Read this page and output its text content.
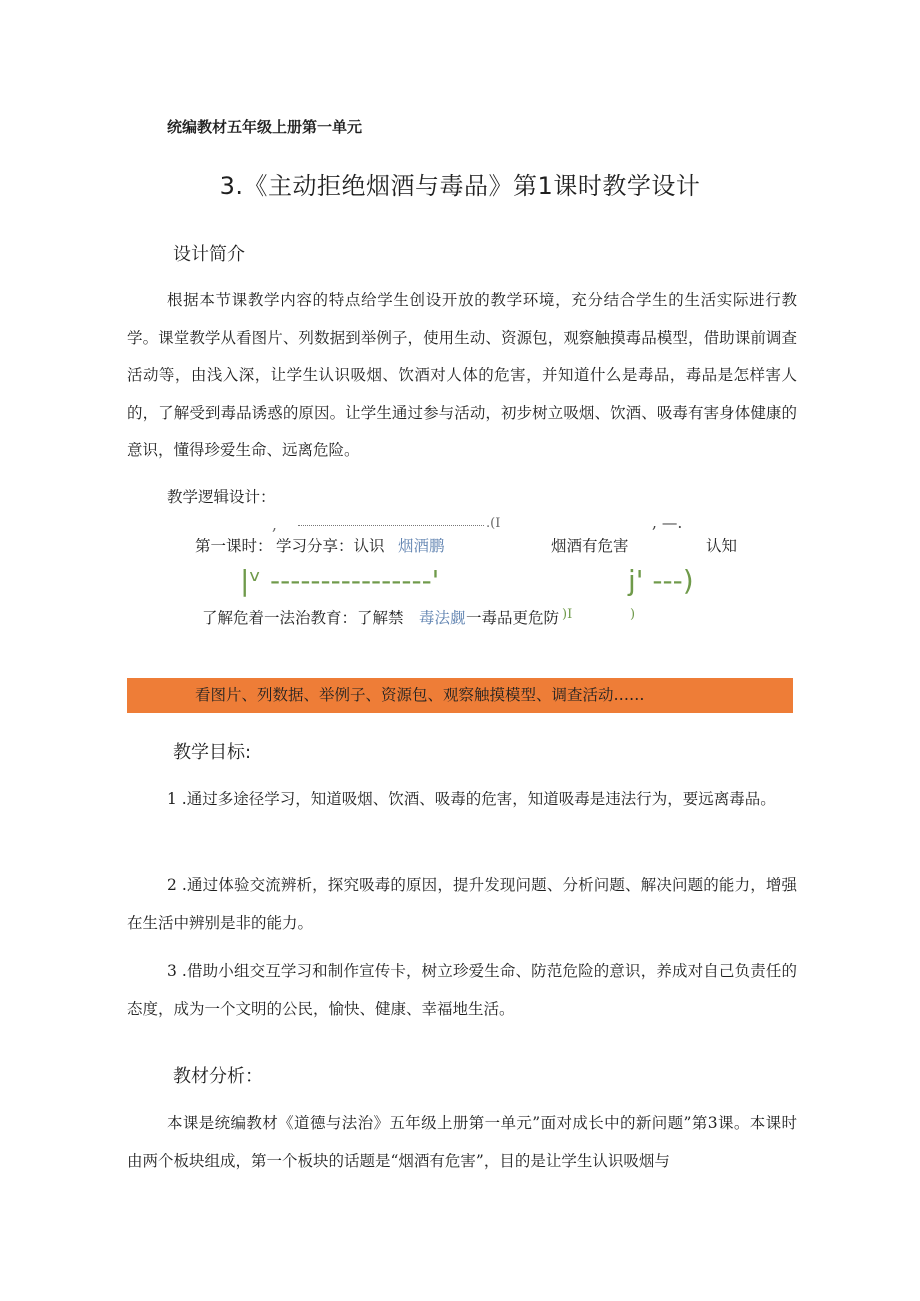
统编教材五年级上册第一单元
3.《主动拒绝烟酒与毒品》第1课时教学设计
设计简介
根据本节课教学内容的特点给学生创设开放的教学环境，充分结合学生的生活实际进行教学。课堂教学从看图片、列数据到举例子，使用生动、资源包，观察触摸毒品模型，借助课前调查活动等，由浅入深，让学生认识吸烟、饮酒对人体的危害，并知道什么是毒品，毒品是怎样害人的，了解受到毒品诱惑的原因。让学生通过参与活动，初步树立吸烟、饮酒、吸毒有害身体健康的意识，懂得珍爱生命、远离危险。
教学逻辑设计：
,	.(I	, —.
第一课时： 学习分享：认识 烟酒鹏	烟酒有危害	认知
|ᵛ ----------------'	j' ---)
了解危着一法治教育：了解禁 毒法觑 一毒品更危防 )I	)
看图片、列数据、举例子、资源包、观察触摸模型、调查活动……
教学目标:
1 .通过多途径学习，知道吸烟、饮酒、吸毒的危害，知道吸毒是违法行为，要远离毒品。
2 .通过体验交流辨析，探究吸毒的原因，提升发现问题、分析问题、解决问题的能力，增强在生活中辨别是非的能力。
3 .借助小组交互学习和制作宣传卡，树立珍爱生命、防范危险的意识，养成对自己负责任的态度，成为一个文明的公民，愉快、健康、幸福地生活。
教材分析：
本课是统编教材《道德与法治》五年级上册第一单元”面对成长中的新问题”第3课。本课时由两个板块组成，第一个板块的话题是“烟酒有危害”，目的是让学生认识吸烟与
